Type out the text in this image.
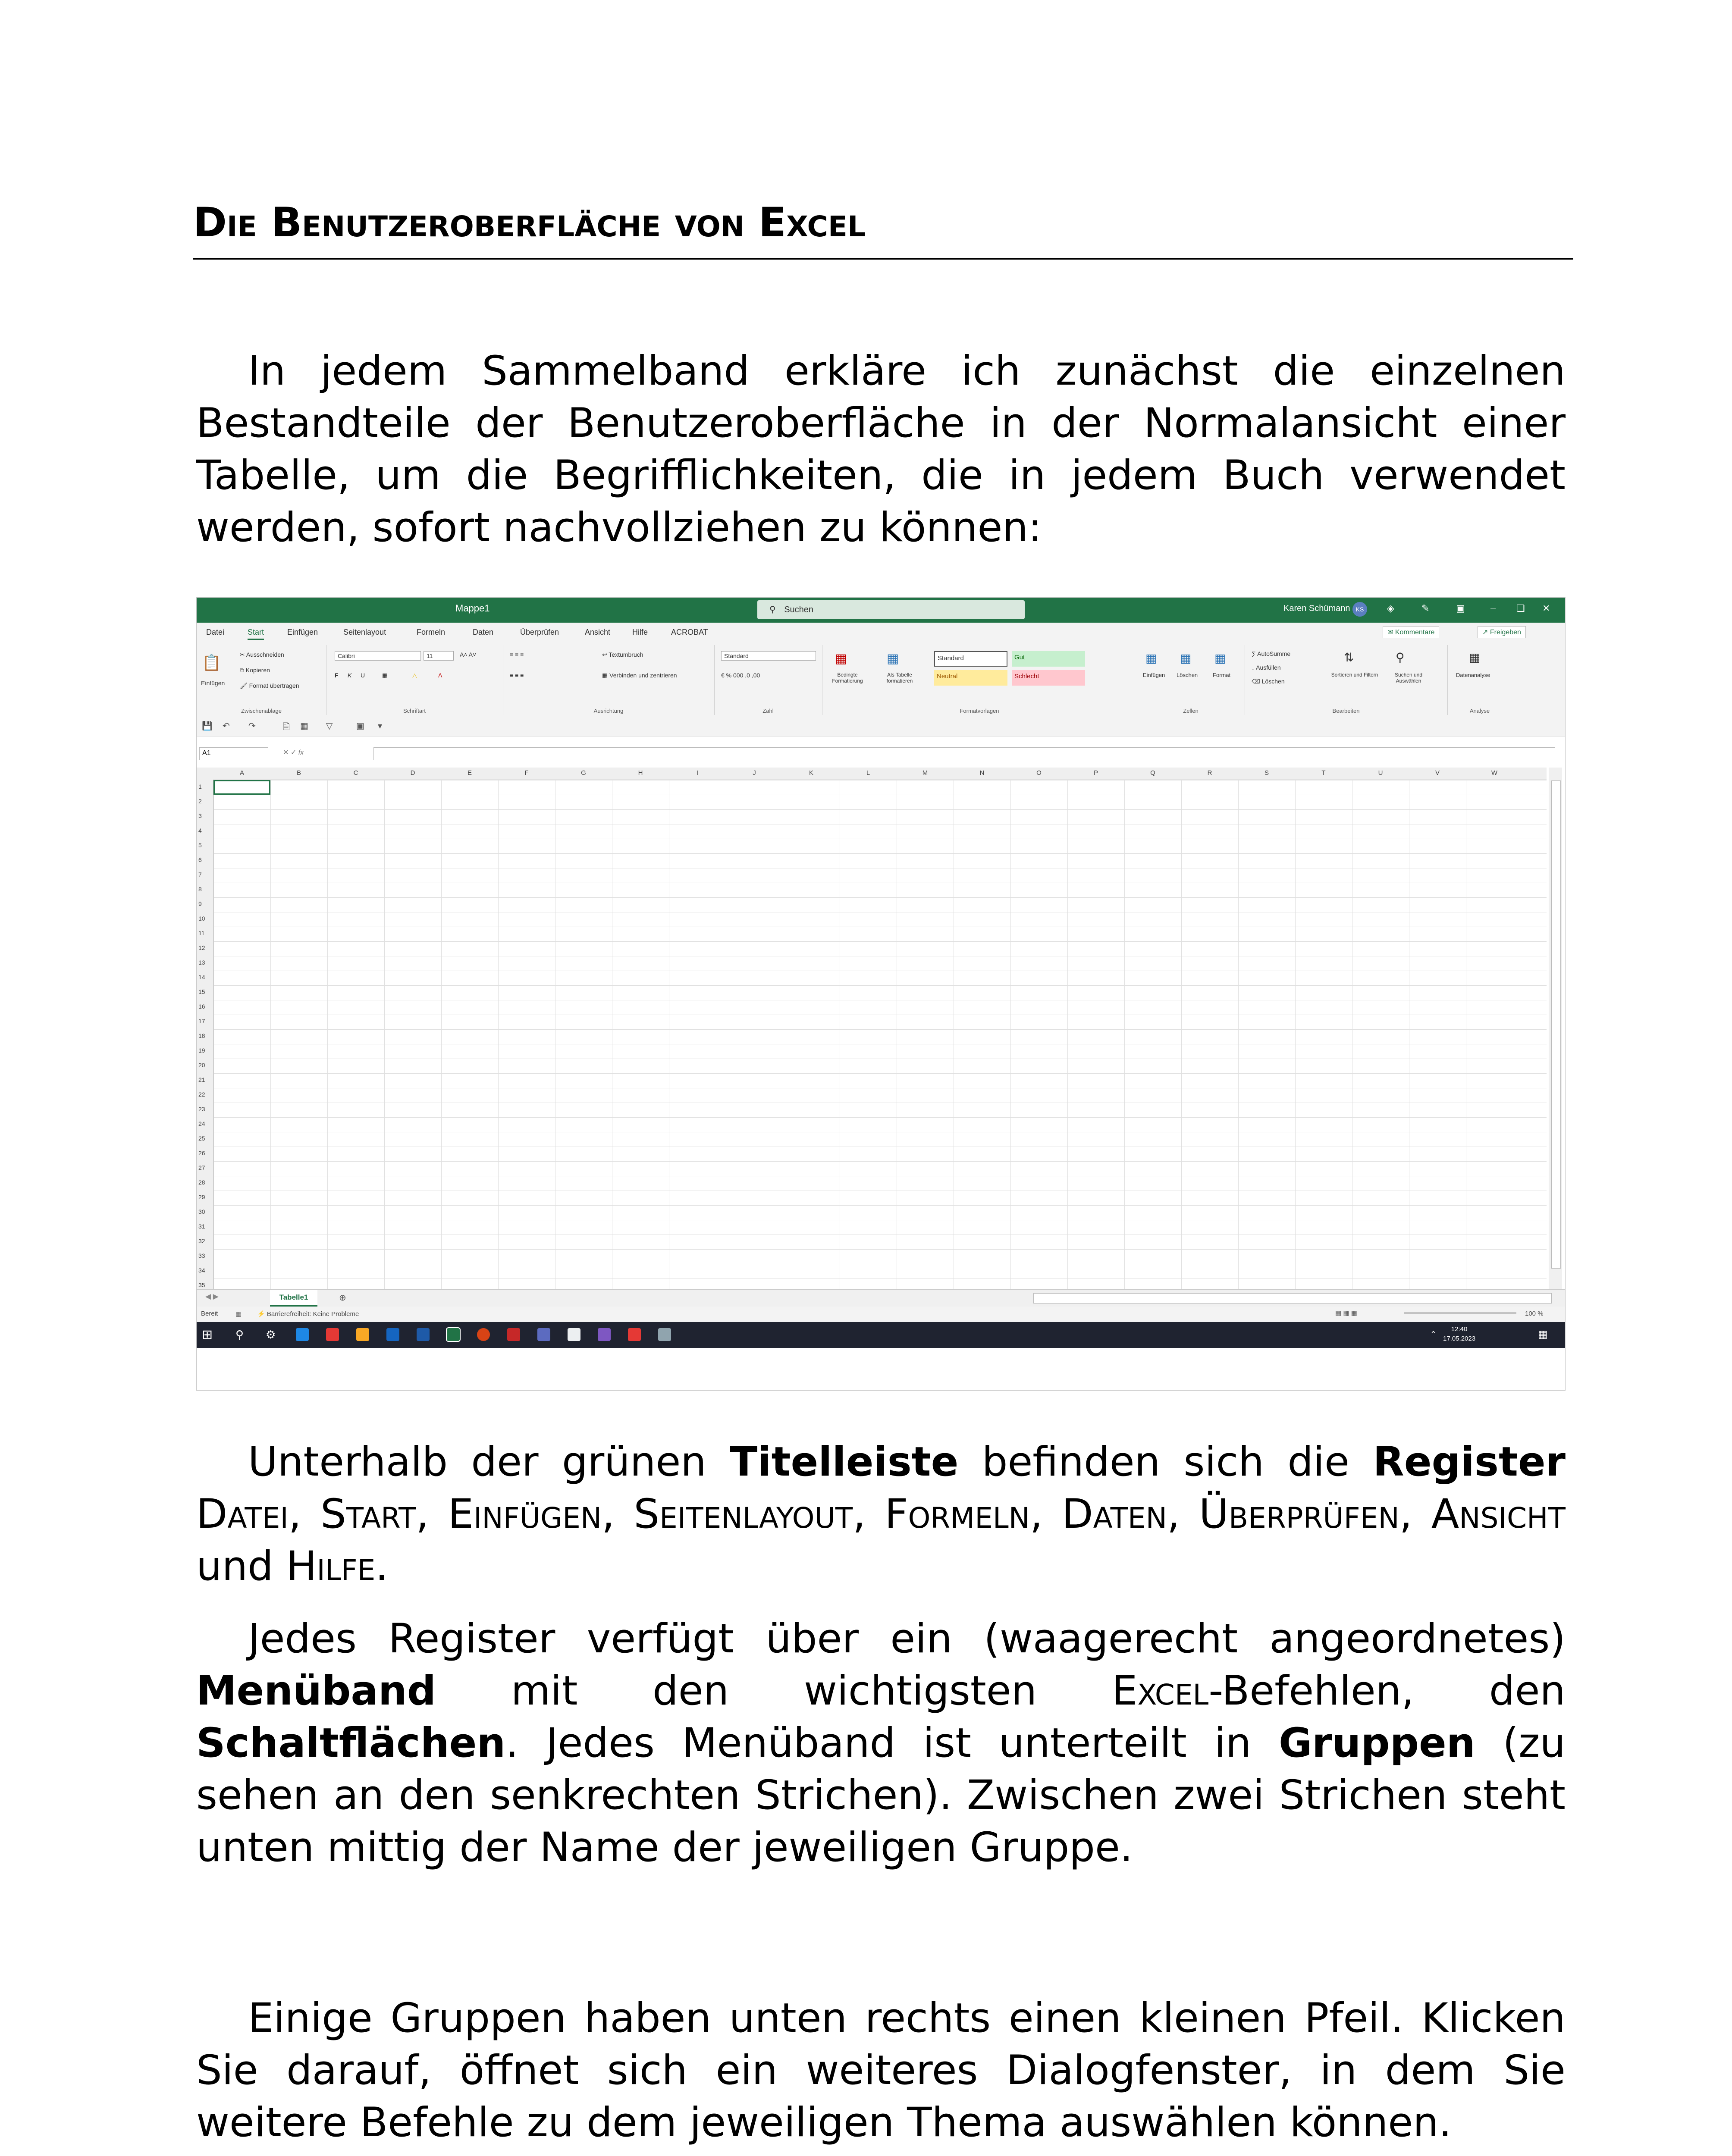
Die Benutzeroberfläche von Excel

In jedem Sammelband erkläre ich zunächst die einzelnen Bestandteile der Benutzeroberfläche in der Normalansicht einer Tabelle, um die Begrifflichkeiten, die in jedem Buch verwendet werden, sofort nachvollziehen zu können:

Mappe1	⚲ Suchen	Karen Schümann KS	◈	✎	▣	– ❏ ✕
Datei	Start	Einfügen	Seitenlayout	Formeln	Daten	Überprüfen	Ansicht	Hilfe	ACROBAT	✉ Kommentare	↗ Freigeben
📋
Einfügen
✂ Ausschneiden
⧉ Kopieren
🖌 Format übertragen
Zwischenablage
Calibri	11	A˄ A˅
F K U	▦	△	A
Schriftart
≡ ≡ ≡
≡ ≡ ≡
↩ Textumbruch
▦ Verbinden und zentrieren
Ausrichtung
Standard
€ % 000 ,0 ,00
Zahl
▦
Bedingte Formatierung
▦
Als Tabelle formatieren
Standard	Gut
Neutral	Schlecht
Formatvorlagen
▦
Einfügen
▦
Löschen
▦
Format
Zellen
∑ AutoSumme
↓ Ausfüllen
⌫ Löschen
⇅
Sortieren und Filtern
⚲
Suchen und Auswählen
Bearbeiten
▦
Datenanalyse
Analyse
💾 ↶ ↷	🖹 ▦ ▽	▣ ▾
A1	✕ ✓ fx
A	B	C	D	E	F	G	H	I	J	K	L	M	N	O	P	Q	R	S	T	U	V	W
1
2
3
4
5
6
7
8
9
10
11
12
13
14
15
16
17
18
19
20
21
22
23
24
25
26
27
28
29
30
31
32
33
34
35
◀ ▶	Tabelle1	⊕
Bereit	▦ ⚡ Barrierefreiheit: Keine Probleme	▦ ▦ ▦	100 %
⊞ ⚲ ⚙	⌃
12:40
17.05.2023	▦

Unterhalb der grünen Titelleiste befinden sich die Register Datei, Start, Einfügen, Seitenlayout, Formeln, Daten, Überprüfen, Ansicht und Hilfe.

Jedes Register verfügt über ein (waagerecht angeordnetes) Menüband mit den wichtigsten Excel-Befehlen, den Schaltflächen. Jedes Menüband ist unterteilt in Gruppen (zu sehen an den senkrechten Strichen). Zwischen zwei Strichen steht unten mittig der Name der jeweiligen Gruppe.

Einige Gruppen haben unten rechts einen kleinen Pfeil. Klicken Sie darauf, öffnet sich ein weiteres Dialogfenster, in dem Sie weitere Befehle zu dem jeweiligen Thema auswählen können.
